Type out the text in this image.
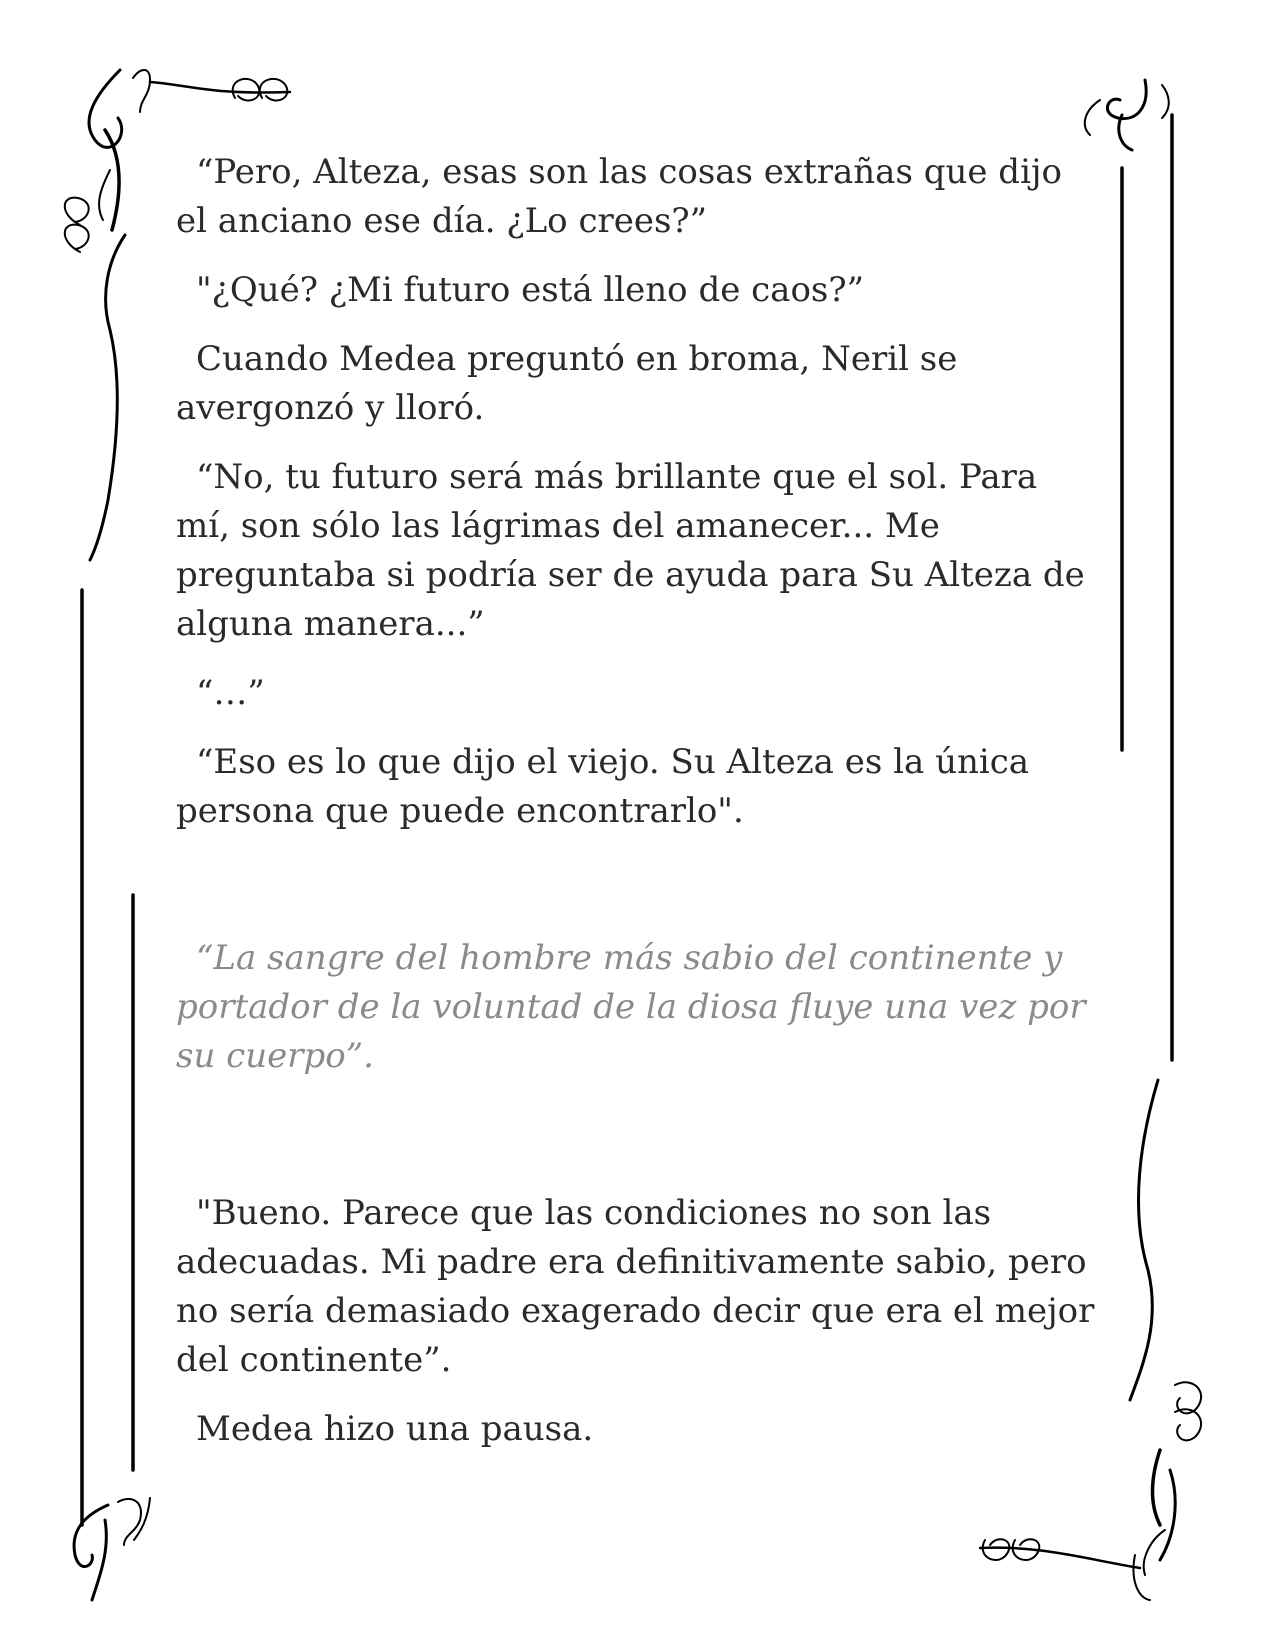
“Pero, Alteza, esas son las cosas extrañas que dijo el anciano ese día. ¿Lo crees?”

"¿Qué? ¿Mi futuro está lleno de caos?”

Cuando Medea preguntó en broma, Neril se avergonzó y lloró.

“No, tu futuro será más brillante que el sol. Para mí, son sólo las lágrimas del amanecer... Me preguntaba si podría ser de ayuda para Su Alteza de alguna manera...”

“…”

“Eso es lo que dijo el viejo. Su Alteza es la única persona que puede encontrarlo".

“La sangre del hombre más sabio del continente y portador de la voluntad de la diosa fluye una vez por su cuerpo”.

"Bueno. Parece que las condiciones no son las adecuadas. Mi padre era definitivamente sabio, pero no sería demasiado exagerado decir que era el mejor del continente”.

Medea hizo una pausa.
